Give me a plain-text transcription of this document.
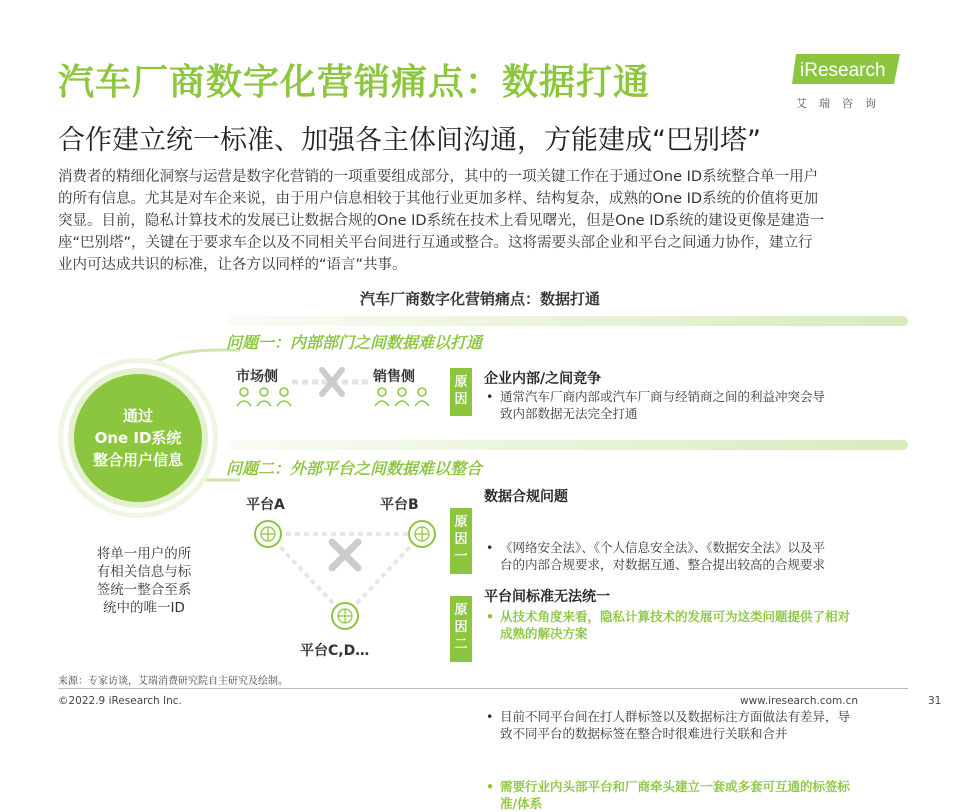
汽车厂商数字化营销痛点：数据打通
合作建立统一标准、加强各主体间沟通，方能建成“巴别塔”
iResearch
艾瑞咨询
消费者的精细化洞察与运营是数字化营销的一项重要组成部分，其中的一项关键工作在于通过One ID系统整合单一用户
的所有信息。尤其是对车企来说，由于用户信息相较于其他行业更加多样、结构复杂，成熟的One ID系统的价值将更加
突显。目前，隐私计算技术的发展已让数据合规的One ID系统在技术上看见曙光，但是One ID系统的建设更像是建造一
座“巴别塔”，关键在于要求车企以及不同相关平台间进行互通或整合。这将需要头部企业和平台之间通力协作，建立行
业内可达成共识的标准，让各方以同样的“语言”共事。
汽车厂商数字化营销痛点：数据打通
通过
One ID系统
整合用户信息
将单一用户的所
有相关信息与标
签统一整合至系
统中的唯一ID
问题一：内部部门之间数据难以打通
市场侧	销售侧	原
因
企业内部/之间竞争
• 通常汽车厂商内部或汽车厂商与经销商之间的利益冲突会导
致内部数据无法完全打通
问题二：外部平台之间数据难以整合
平台A	平台B
平台C,D…
原
因
一
数据合规问题
• 《网络安全法》、《个人信息安全法》、《数据安全法》以及平
台的内部合规要求，对数据互通、整合提出较高的合规要求
• 从技术角度来看，隐私计算技术的发展可为这类问题提供了相对
成熟的解决方案
原
因
二
平台间标准无法统一
• 目前不同平台间在打人群标签以及数据标注方面做法有差异，导
致不同平台的数据标签在整合时很难进行关联和合并
• 需要行业内头部平台和厂商牵头建立一套或多套可互通的标签标
准/体系
来源：专家访谈，艾瑞消费研究院自主研究及绘制。
©2022.9 iResearch Inc.	www.iresearch.com.cn	31
